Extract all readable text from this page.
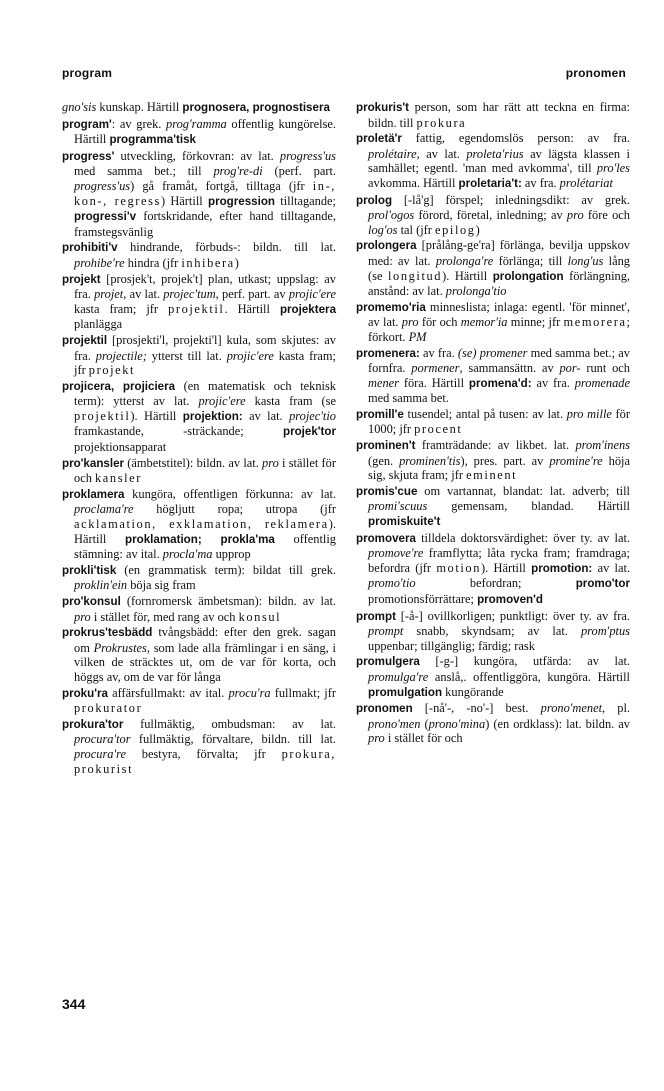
program	pronomen

gno'sis kunskap. Härtill prognosera, prognostisera

program': av grek. prog'ramma offentlig kungörelse. Härtill programma'tisk

progress' utveckling, förkovran: av lat. progress'us med samma bet.; till prog're-di (perf. part. progress'us) gå framåt, fortgå, tilltaga (jfr in-, kon-, regress) Härtill progression tilltagande; progressi'v fortskridande, efter hand tilltagande, framstegsvänlig

prohibiti'v hindrande, förbuds-: bildn. till lat. prohibe're hindra (jfr inhibera)

projekt [prosjek't, projek't] plan, utkast; uppslag: av fra. projet, av lat. projec'tum, perf. part. av projic'ere kasta fram; jfr projektil. Härtill projektera planlägga

projektil [prosjekti'l, projekti'l] kula, som skjutes: av fra. projectile; ytterst till lat. projic'ere kasta fram; jfr projekt

projicera, projiciera (en matematisk och teknisk term): ytterst av lat. projic'ere kasta fram (se projektil). Härtill projektion: av lat. projec'tio framkastande, -sträckande; projek'tor projektionsapparat

pro'kansler (ämbetstitel): bildn. av lat. pro i stället för och kansler

proklamera kungöra, offentligen förkunna: av lat. proclama're högljutt ropa; utropa (jfr acklamation, exklamation, reklamera). Härtill proklamation; prokla'ma offentlig stämning: av ital. procla'ma upprop

prokli'tisk (en grammatisk term): bildat till grek. proklin'ein böja sig fram

pro'konsul (fornromersk ämbetsman): bildn. av lat. pro i stället för, med rang av och konsul

prokrus'tesbädd tvångsbädd: efter den grek. sagan om Prokrustes, som lade alla främlingar i en säng, i vilken de sträcktes ut, om de var för korta, och höggs av, om de var för långa

proku'ra affärsfullmakt: av ital. procu'ra fullmakt; jfr prokurator

prokura'tor fullmäktig, ombudsman: av lat. procura'tor fullmäktig, förvaltare, bildn. till lat. procura're bestyra, förvalta; jfr prokura, prokurist

prokuris't person, som har rätt att teckna en firma: bildn. till prokura

proletä'r fattig, egendomslös person: av fra. prolétaire, av lat. proleta'rius av lägsta klassen i samhället; egentl. 'man med avkomma', till pro'les avkomma. Härtill proletaria't: av fra. prolétariat

prolog [-lå'g] förspel; inledningsdikt: av grek. prol'ogos förord, företal, inledning; av pro före och log'os tal (jfr epilog)

prolongera [prålång-ge'ra] förlänga, bevilja uppskov med: av lat. prolonga're förlänga; till long'us lång (se longitud). Härtill prolongation förlängning, anstånd: av lat. prolonga'tio

promemo'ria minneslista; inlaga: egentl. 'för minnet', av lat. pro för och memor'ia minne; jfr memorera; förkort. PM

promenera: av fra. (se) promener med samma bet.; av fornfra. pormener, sammansättn. av por- runt och mener föra. Härtill promena'd: av fra. promenade med samma bet.

promill'e tusendel; antal på tusen: av lat. pro mille för 1000; jfr procent

prominen't framträdande: av likbet. lat. prom'inens (gen. prominen'tis), pres. part. av promine're höja sig, skjuta fram; jfr eminent

promis'cue om vartannat, blandat: lat. adverb; till promi'scuus gemensam, blandad. Härtill promiskuite't

promovera tilldela doktorsvärdighet: över ty. av lat. promove're framflytta; låta rycka fram; framdraga; befordra (jfr motion). Härtill promotion: av lat. promo'tio befordran; promo'tor promotionsförrättare; promoven'd

prompt [-å-] ovillkorligen; punktligt: över ty. av fra. prompt snabb, skyndsam; av lat. prom'ptus uppenbar; tillgänglig; färdig; rask

promulgera [-g-] kungöra, utfärda: av lat. promulga're anslå,. offentliggöra, kungöra. Härtill promulgation kungörande

pronomen [-nå'-, -no'-] best. prono'menet, pl. prono'men (prono'mina) (en ordklass): lat. bildn. av pro i stället för och

344
